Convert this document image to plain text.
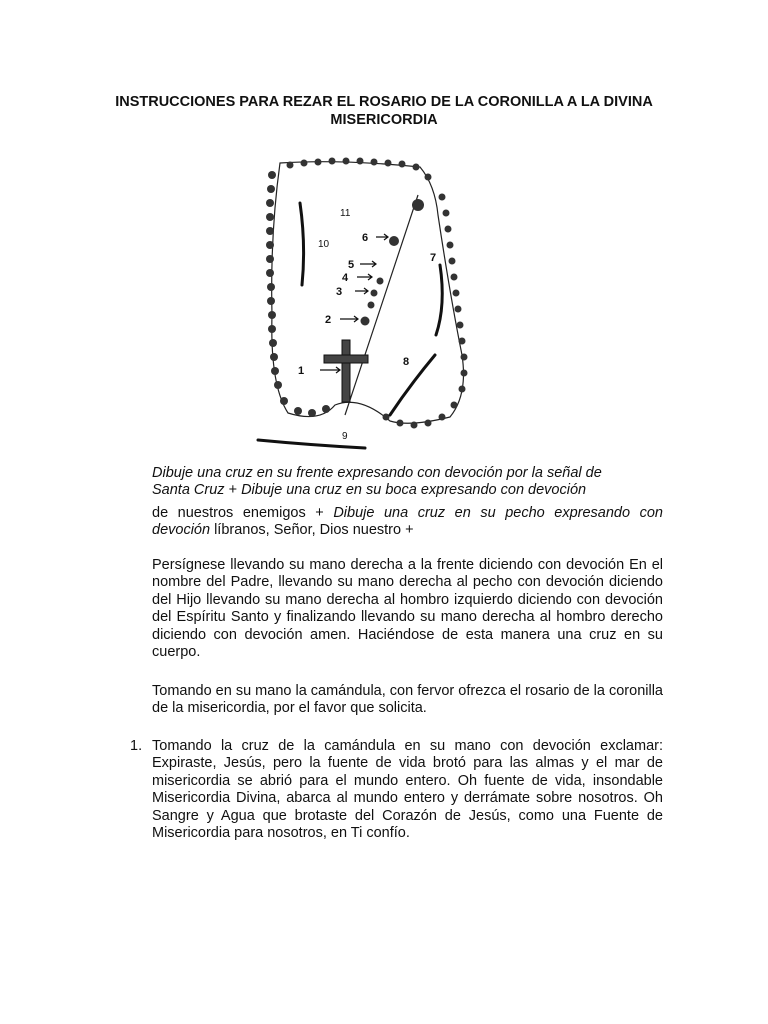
INSTRUCCIONES PARA REZAR EL ROSARIO DE LA CORONILLA A LA DIVINA MISERICORDIA
1
2
3
4
5
6
7
8
9
10
11

Dibuje una cruz en su frente expresando con devoción por la señal de

Santa Cruz + Dibuje una cruz en su boca expresando con devoción

de nuestros enemigos + Dibuje una cruz en su pecho expresando con devoción líbranos, Señor, Dios nuestro +

Persígnese llevando su mano derecha a la frente diciendo con devoción En el nombre del Padre, llevando su mano derecha al pecho con devoción diciendo del Hijo llevando su mano derecha al hombro izquierdo diciendo con devoción del Espíritu Santo y finalizando llevando su mano derecha al hombro derecho diciendo con devoción amen. Haciéndose de esta manera una cruz en su cuerpo.

Tomando en su mano la camándula, con fervor ofrezca el rosario de la coronilla de la misericordia, por el favor que solicita.

1. Tomando la cruz de la camándula en su mano con devoción exclamar: Expiraste, Jesús, pero la fuente de vida brotó para las almas y el mar de misericordia se abrió para el mundo entero. Oh fuente de vida, insondable Misericordia Divina, abarca al mundo entero y derrámate sobre nosotros. Oh Sangre y Agua que brotaste del Corazón de Jesús, como una Fuente de Misericordia para nosotros, en Ti confío.
